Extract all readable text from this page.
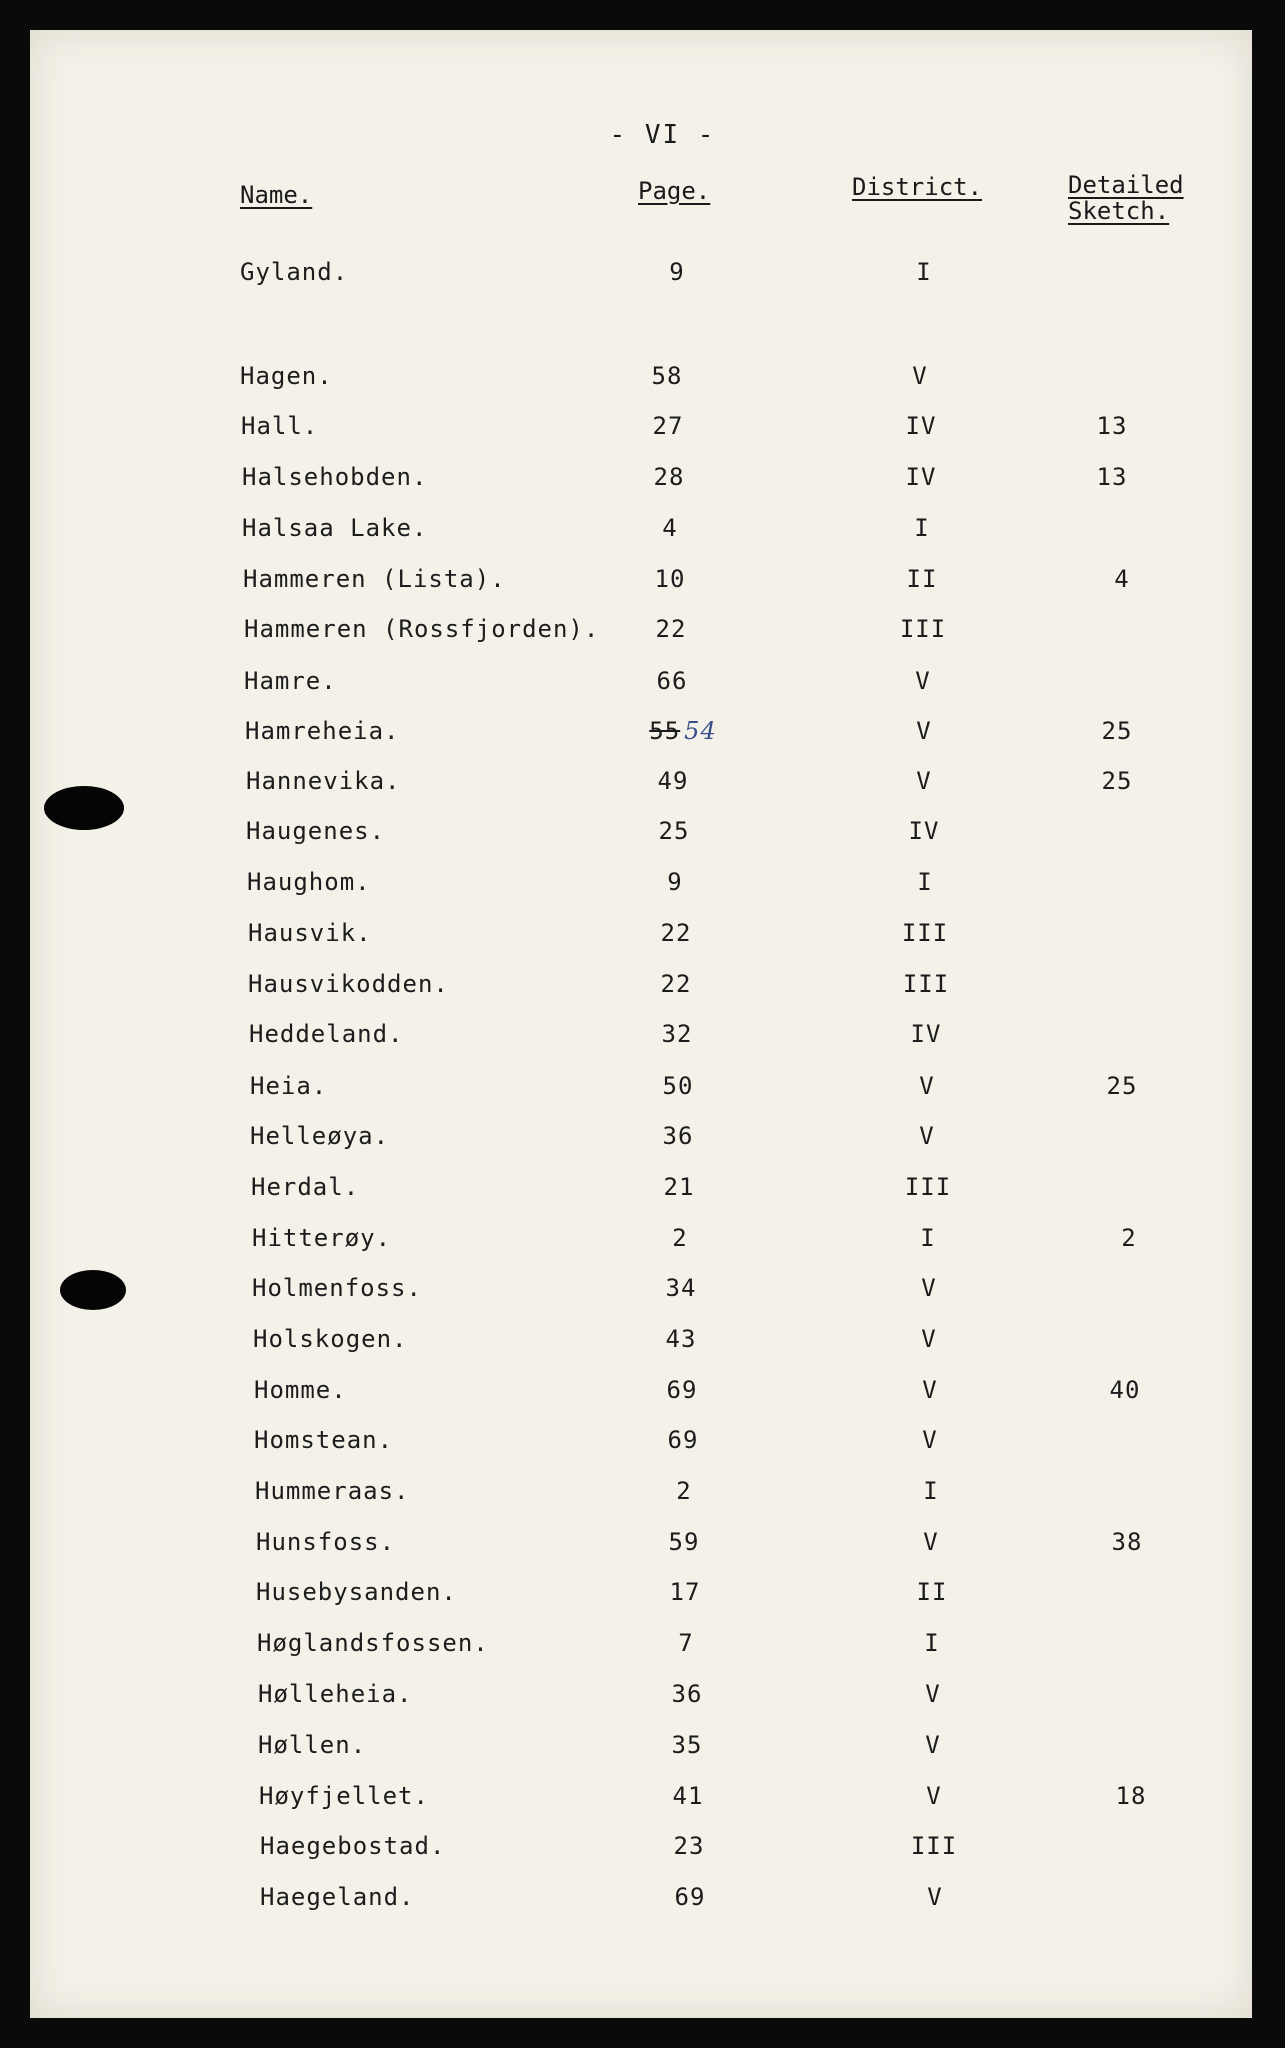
- VI -
Name.	Page.	District.	Detailed
Sketch.
Gyland.	9	I
Hagen.	58	V
Hall.	27	IV	13
Halsehobden.	28	IV	13
Halsaa Lake.	4	I
Hammeren (Lista).	10	II	4
Hammeren (Rossfjorden).	22	III
Hamre.	66	V
Hamreheia.	55 54	V	25
Hannevika.	49	V	25
Haugenes.	25	IV
Haughom.	9	I
Hausvik.	22	III
Hausvikodden.	22	III
Heddeland.	32	IV
Heia.	50	V	25
Helleøya.	36	V
Herdal.	21	III
Hitterøy.	2	I	2
Holmenfoss.	34	V
Holskogen.	43	V
Homme.	69	V	40
Homstean.	69	V
Hummeraas.	2	I
Hunsfoss.	59	V	38
Husebysanden.	17	II
Høglandsfossen.	7	I
Hølleheia.	36	V
Høllen.	35	V
Høyfjellet.	41	V	18
Haegebostad.	23	III
Haegeland.	69	V
